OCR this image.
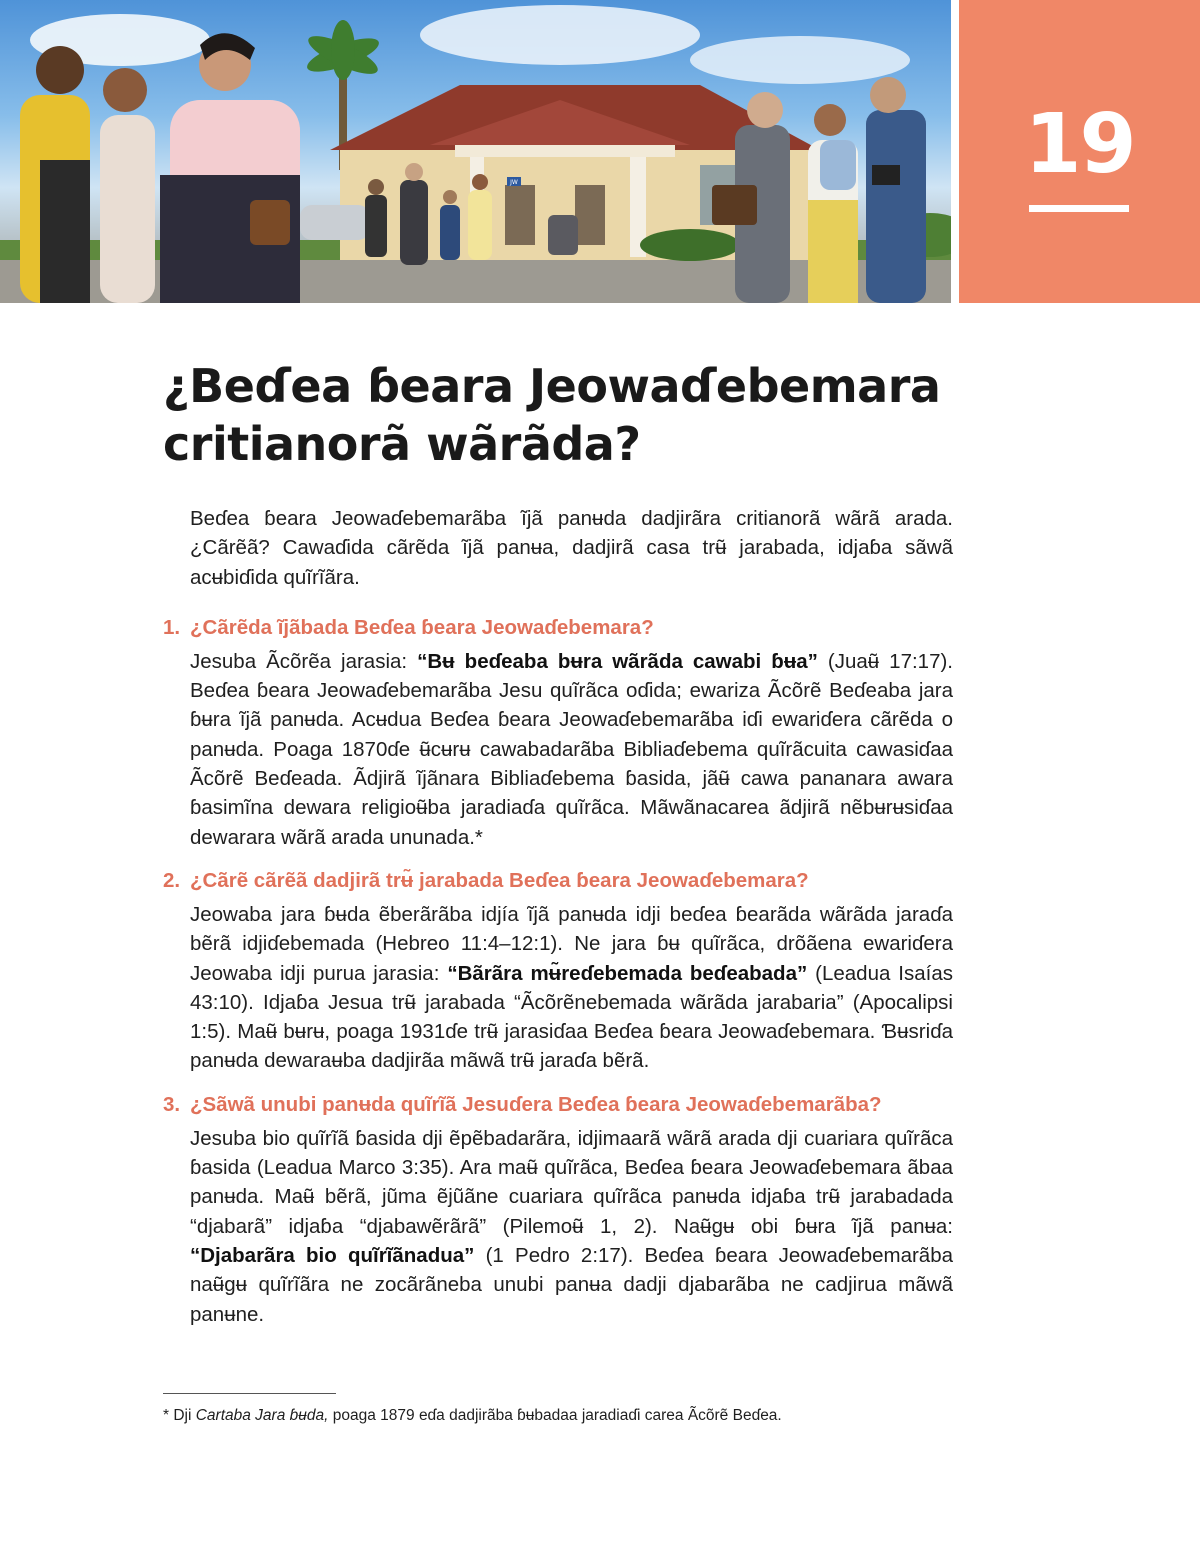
JW	19
¿Beɗea ɓeara Jeowaɗebemara
critianorã wãrãda?

Beɗea ɓeara Jeowaɗebemarãba ĩjã panʉda dadjirãra critianorã wãrã arada. ¿Cãrẽã? Cawaɗida cãrẽda ĩjã panʉa, dadjirã casa trʉ̃ jarabada, idjaɓa sãwã acʉbiɗida quĩrĩãra.

1. ¿Cãrẽda ĩjãbada Beɗea ɓeara Jeowaɗebemara?

Jesuba Ãcõrẽa jarasia: “Bʉ beɗeaba bʉra wãrãda cawabi ɓʉa” (Juaʉ̃ 17:17). Beɗea ɓeara Jeowaɗebemarãba Jesu quĩrãca oɗida; ewariza Ãcõrẽ Beɗeaba jara ɓʉra ĩjã panʉda. Acʉdua Beɗea ɓeara Jeowaɗebemarãba iɗi ewariɗera cãrẽda o panʉda. Poaga 1870ɗe ʉ̃cʉrʉ cawabadarãba Bibliaɗebema quĩrãcuita cawasiɗaa Ãcõrẽ Beɗeada. Ãdjirã ĩjãnara Bibliaɗebema ɓasida, jãʉ̃ cawa pananara awara ɓasimĩna dewara religioʉ̃ba jaradiaɗa quĩrãca. Mãwãnacarea ãdjirã nẽbʉrʉsiɗaa dewarara wãrã arada ununada.*

2. ¿Cãrẽ cãrẽã dadjirã trʉ̃ jarabada Beɗea ɓeara Jeowaɗebemara?

Jeowaba jara ɓʉda ẽberãrãba idjía ĩjã panʉda idji beɗea ɓearãda wãrãda jaraɗa bẽrã idjiɗebemada (Hebreo 11:4–12:1). Ne jara ɓʉ quĩrãca, drõãena ewariɗera Jeowaba idji purua jarasia: “Bãrãra mʉ̃reɗebemada beɗeabada” (Leadua Isaías 43:10). Idjaɓa Jesua trʉ̃ jarabada “Ãcõrẽnebemada wãrãda jarabaria” (Apocalipsi 1:5). Maʉ̃ bʉrʉ, poaga 1931ɗe trʉ̃ jarasiɗaa Beɗea ɓeara Jeowaɗebemara. Ɓʉsriɗa panʉda dewaraʉba dadjirãa mãwã trʉ̃ jaraɗa bẽrã.

3. ¿Sãwã unubi panʉda quĩrĩã Jesuɗera Beɗea ɓeara Jeowaɗebemarãba?

Jesuba bio quĩrĩã ɓasida dji ẽpẽbadarãra, idjimaarã wãrã arada dji cuariara quĩrãca ɓasida (Leadua Marco 3:35). Ara maʉ̃ quĩrãca, Beɗea ɓeara Jeowaɗebemara ãbaa panʉda. Maʉ̃ bẽrã, jũma ẽjũãne cuariara quĩrãca panʉda idjaɓa trʉ̃ jarabadada “djabarã” idjaɓa “djabawẽrãrã” (Pilemoʉ̃ 1, 2). Naʉ̃gʉ obi ɓʉra ĩjã panʉa: “Djabarãra bio quĩrĩãnadua” (1 Pedro 2:17). Beɗea ɓeara Jeowaɗebemarãba naʉ̃gʉ quĩrĩãra ne zocãrãneba unubi panʉa dadji djabarãba ne cadjirua mãwã panʉne.

* Dji Cartaba Jara ɓʉda, poaga 1879 eɗa dadjirãba ɓʉbadaa jaradiaɗi carea Ãcõrẽ Beɗea.
